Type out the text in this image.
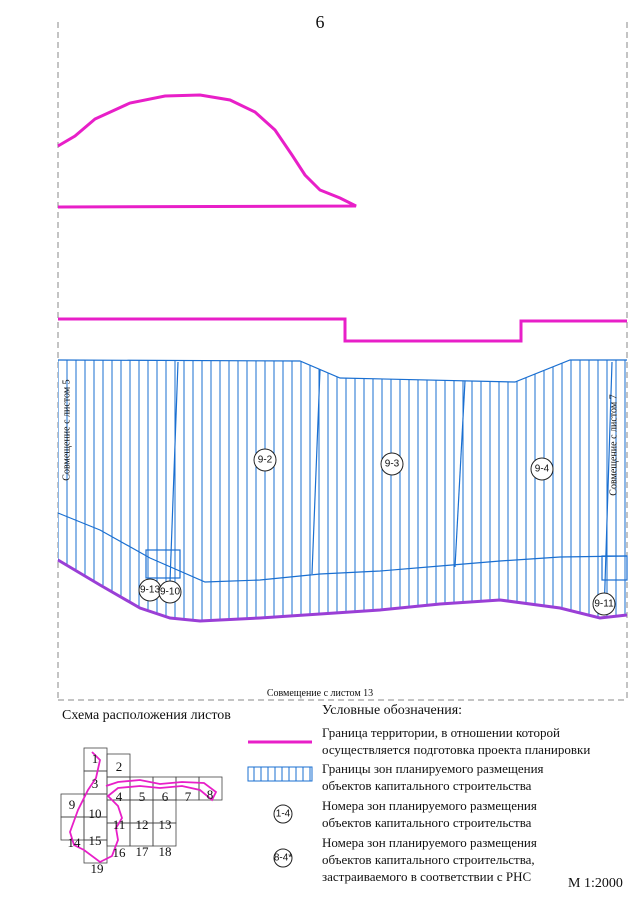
6
Совмещение с листом 5	Совмещение с листом 7
Совмещение с листом 13
9-2	9-3	9-4
9-13 9-10
9-11
Схема расположения листов
1
2
3
4 5 6 7 8
9
10
11 12 13
14 15
16 17 18
19
Условные обозначения:
Граница территории, в отношении которой осуществляется подготовка проекта планировки
Границы зон планируемого размещения объектов капитального строительства
1-4
Номера зон планируемого размещения объектов капитального строительства
8-4*
Номера зон планируемого размещения объектов капитального строительства, застраиваемого в соответствии с РНС	М 1:2000
